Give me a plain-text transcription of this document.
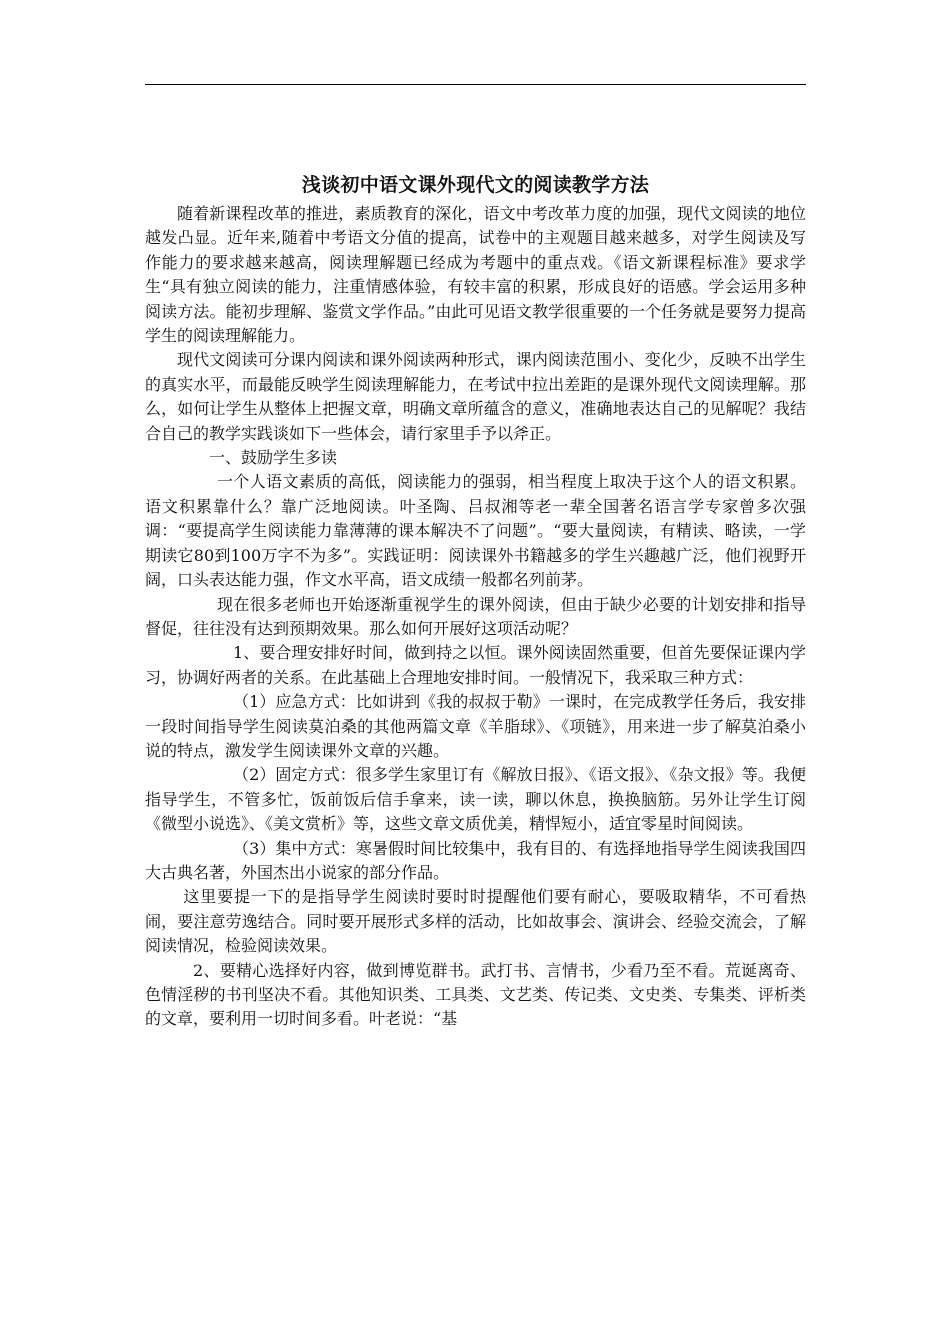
浅谈初中语文课外现代文的阅读教学方法

随着新课程改革的推进，素质教育的深化，语文中考改革力度的加强，现代文阅读的地位越发凸显。近年来,随着中考语文分值的提高，试卷中的主观题目越来越多，对学生阅读及写作能力的要求越来越高，阅读理解题已经成为考题中的重点戏。《语文新课程标准》要求学生“具有独立阅读的能力，注重情感体验，有较丰富的积累，形成良好的语感。学会运用多种阅读方法。能初步理解、鉴赏文学作品。”由此可见语文教学很重要的一个任务就是要努力提高学生的阅读理解能力。

现代文阅读可分课内阅读和课外阅读两种形式，课内阅读范围小、变化少，反映不出学生的真实水平，而最能反映学生阅读理解能力，在考试中拉出差距的是课外现代文阅读理解。那么，如何让学生从整体上把握文章，明确文章所蕴含的意义，准确地表达自己的见解呢？我结合自己的教学实践谈如下一些体会，请行家里手予以斧正。

一、鼓励学生多读

一个人语文素质的高低，阅读能力的强弱，相当程度上取决于这个人的语文积累。语文积累靠什么？靠广泛地阅读。叶圣陶、吕叔湘等老一辈全国著名语言学专家曾多次强调：“要提高学生阅读能力靠薄薄的课本解决不了问题”。“要大量阅读，有精读、略读，一学期读它80到100万字不为多”。实践证明：阅读课外书籍越多的学生兴趣越广泛，他们视野开阔，口头表达能力强，作文水平高，语文成绩一般都名列前茅。

现在很多老师也开始逐渐重视学生的课外阅读，但由于缺少必要的计划安排和指导督促，往往没有达到预期效果。那么如何开展好这项活动呢？

1、要合理安排好时间，做到持之以恒。课外阅读固然重要，但首先要保证课内学习，协调好两者的关系。在此基础上合理地安排时间。一般情况下，我采取三种方式：

（1）应急方式：比如讲到《我的叔叔于勒》一课时，在完成教学任务后，我安排一段时间指导学生阅读莫泊桑的其他两篇文章《羊脂球》、《项链》，用来进一步了解莫泊桑小说的特点，激发学生阅读课外文章的兴趣。

（2）固定方式：很多学生家里订有《解放日报》、《语文报》、《杂文报》等。我便指导学生，不管多忙，饭前饭后信手拿来，读一读，聊以休息，换换脑筋。另外让学生订阅《微型小说选》、《美文赏析》等，这些文章文质优美，精悍短小，适宜零星时间阅读。

（3）集中方式：寒暑假时间比较集中，我有目的、有选择地指导学生阅读我国四大古典名著，外国杰出小说家的部分作品。

这里要提一下的是指导学生阅读时要时时提醒他们要有耐心，要吸取精华，不可看热闹，要注意劳逸结合。同时要开展形式多样的活动，比如故事会、演讲会、经验交流会，了解阅读情况，检验阅读效果。

2、要精心选择好内容，做到博览群书。武打书、言情书，少看乃至不看。荒诞离奇、色情淫秽的书刊坚决不看。其他知识类、工具类、文艺类、传记类、文史类、专集类、评析类的文章，要利用一切时间多看。叶老说：“基
